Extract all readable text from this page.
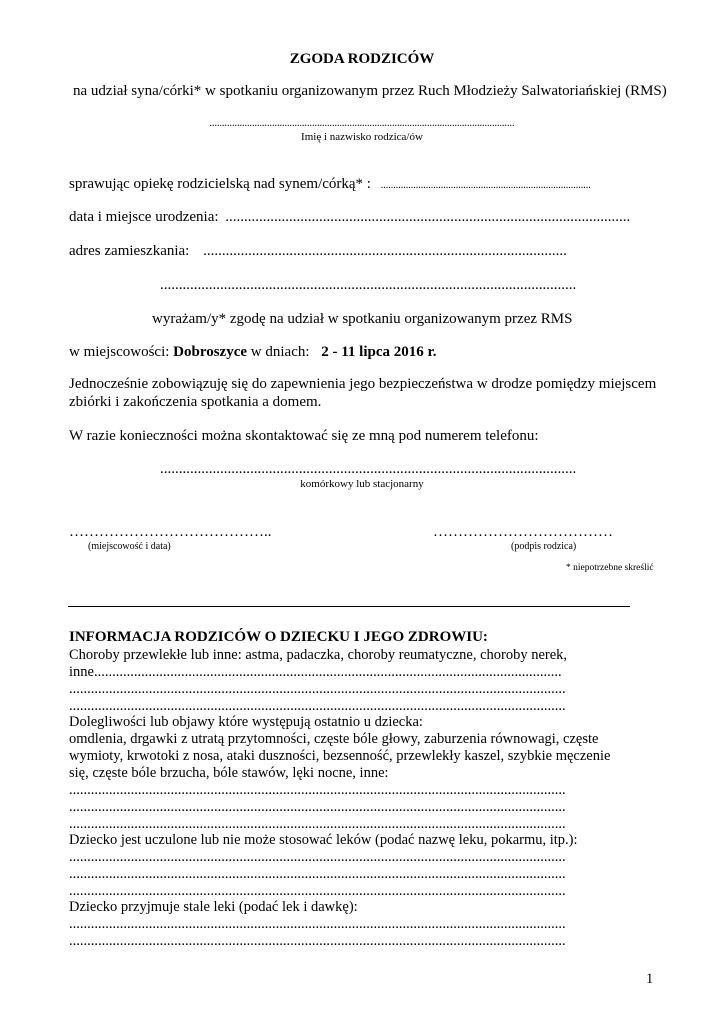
ZGODA RODZICÓW
na udział syna/córki* w spotkaniu organizowanym przez Ruch Młodzieży Salwatoriańskiej (RMS)
..........................................................................................................................
Imię i nazwisko rodzica/ów
sprawując opiekę rodzicielską nad synem/córką* : ....................................................................................
data i miejsce urodzenia: ............................................................................................................
adres zamieszkania: .................................................................................................
...............................................................................................................
wyrażam/y* zgodę na udział w spotkaniu organizowanym przez RMS
w miejscowości: Dobroszyce w dniach: 2 - 11 lipca 2016 r.
Jednocześnie zobowiązuję się do zapewnienia jego bezpieczeństwa w drodze pomiędzy miejscem
zbiórki i zakończenia spotkania a domem.
W razie konieczności można skontaktować się ze mną pod numerem telefonu:
...............................................................................................................
komórkowy lub stacjonarny
…………………………………..
(miejscowość i data)
………………………………
(podpis rodzica)
* niepotrzebne skreślić
INFORMACJA RODZICÓW O DZIECKU I JEGO ZDROWIU:
Choroby przewlekłe lub inne: astma, padaczka, choroby reumatyczne, choroby nerek,
inne.................................................................................................................................
.........................................................................................................................................
.........................................................................................................................................
Dolegliwości lub objawy które występują ostatnio u dziecka:
omdlenia, drgawki z utratą przytomności, częste bóle głowy, zaburzenia równowagi, częste
wymioty, krwotoki z nosa, ataki duszności, bezsenność, przewlekły kaszel, szybkie męczenie
się, częste bóle brzucha, bóle stawów, lęki nocne, inne:
.........................................................................................................................................
.........................................................................................................................................
.........................................................................................................................................
Dziecko jest uczulone lub nie może stosować leków (podać nazwę leku, pokarmu, itp.):
.........................................................................................................................................
.........................................................................................................................................
.........................................................................................................................................
Dziecko przyjmuje stale leki (podać lek i dawkę):
.........................................................................................................................................
.........................................................................................................................................
1
